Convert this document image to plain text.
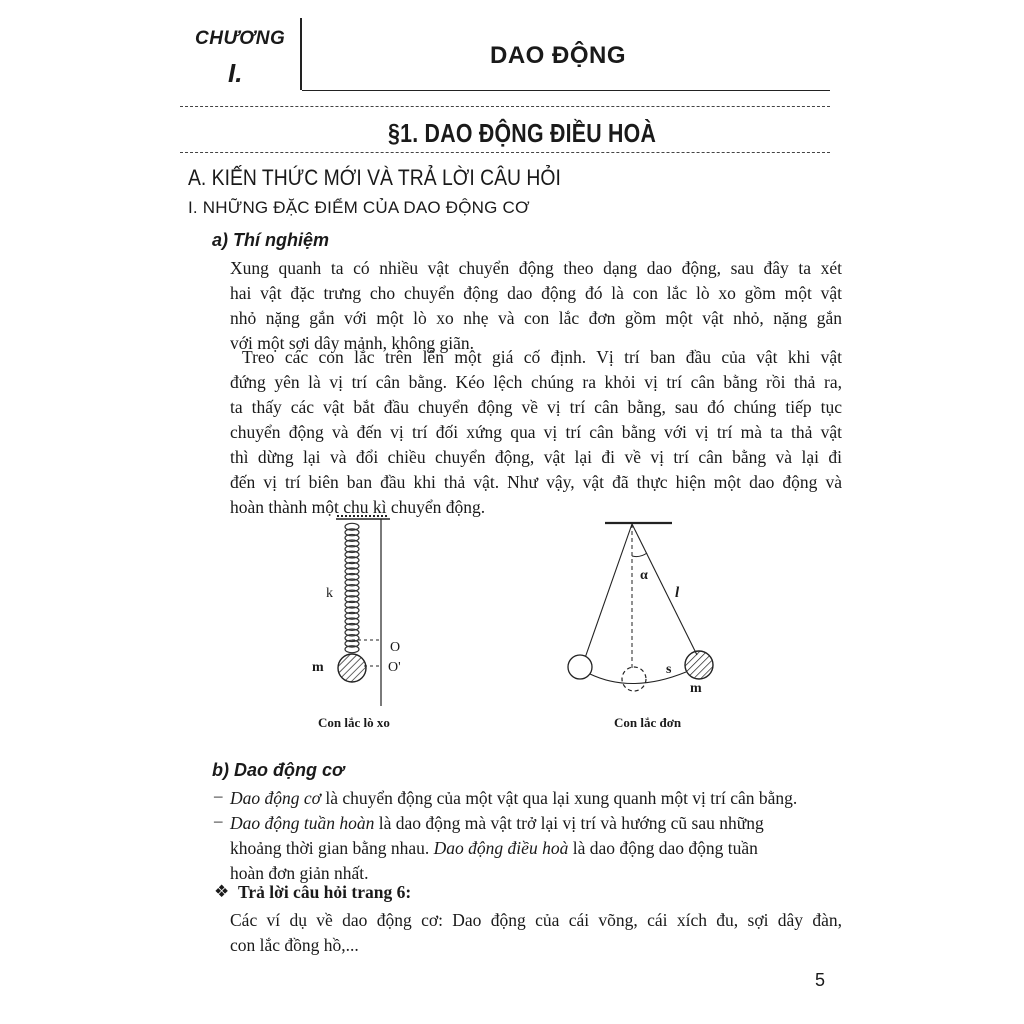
CHƯƠNG
I.
DAO ĐỘNG
§1. DAO ĐỘNG ĐIỀU HOÀ
A. KIẾN THỨC MỚI VÀ TRẢ LỜI CÂU HỎI
I. NHỮNG ĐẶC ĐIỂM CỦA DAO ĐỘNG CƠ
a) Thí nghiệm
Xung quanh ta có nhiều vật chuyển động theo dạng dao động, sau đây ta xét
hai vật đặc trưng cho chuyển động dao động đó là con lắc lò xo gồm một vật
nhỏ nặng gắn với một lò xo nhẹ và con lắc đơn gồm một vật nhỏ, nặng gắn
với một sợi dây mảnh, không giãn.
Treo các con lắc trên lên một giá cố định. Vị trí ban đầu của vật khi vật
đứng yên là vị trí cân bằng. Kéo lệch chúng ra khỏi vị trí cân bằng rồi thả ra,
ta thấy các vật bắt đầu chuyển động về vị trí cân bằng, sau đó chúng tiếp tục
chuyển động và đến vị trí đối xứng qua vị trí cân bằng với vị trí mà ta thả vật
thì dừng lại và đổi chiều chuyển động, vật lại đi về vị trí cân bằng và lại đi
đến vị trí biên ban đầu khi thả vật. Như vậy, vật đã thực hiện một dao động và
hoàn thành một chu kì chuyển động.
k
O
O'
m
Con lắc lò xo
α
l
s
m
Con lắc đơn
b) Dao động cơ
– Dao động cơ là chuyển động của một vật qua lại xung quanh một vị trí cân bằng.
– Dao động tuần hoàn là dao động mà vật trở lại vị trí và hướng cũ sau những
khoảng thời gian bằng nhau. Dao động điều hoà là dao động dao động tuần
hoàn đơn giản nhất.
❖ Trả lời câu hỏi trang 6:
Các ví dụ về dao động cơ: Dao động của cái võng, cái xích đu, sợi dây đàn,
con lắc đồng hồ,...
5
